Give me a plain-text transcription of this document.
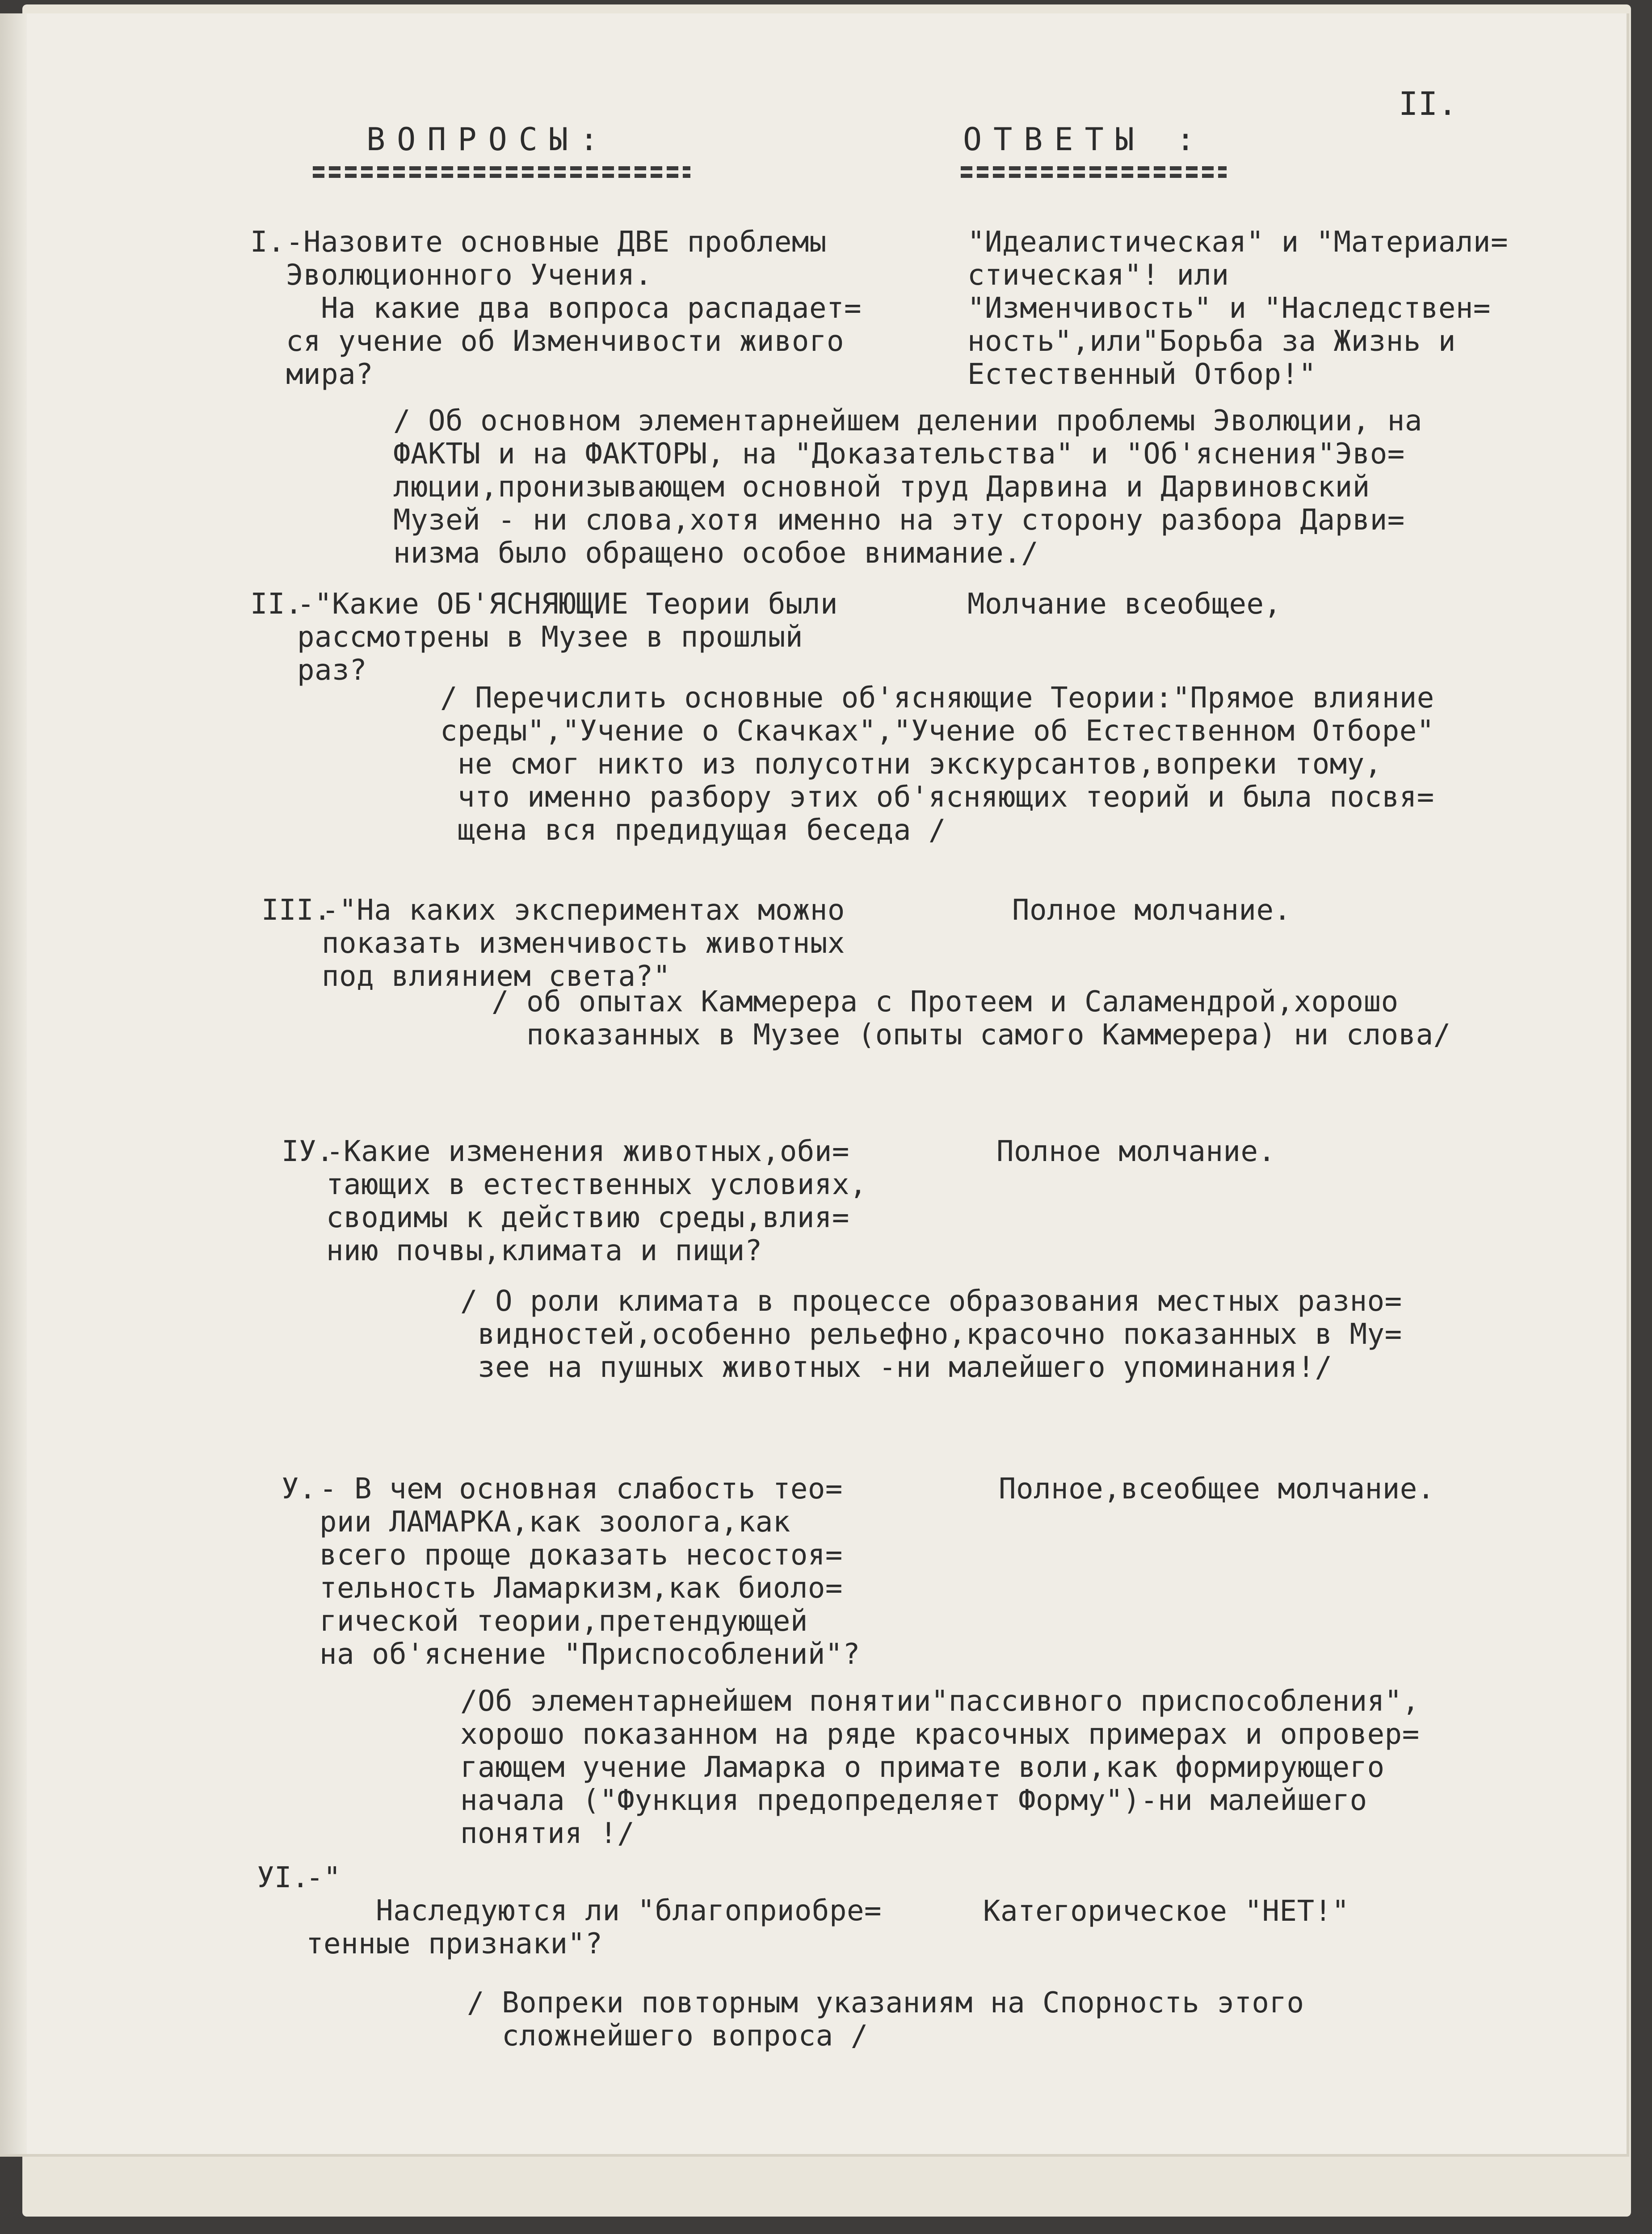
II.
ВОПРОСЫ:	ОТВЕТЫ :
I. -Назовите основные ДВЕ проблемы
Эволюционного Учения.
На какие два вопроса распадает=
ся учение об Изменчивости живого
мира?
"Идеалистическая" и "Материали=
стическая"! или
"Изменчивость" и "Наследствен=
ность",или"Борьба за Жизнь и
Естественный Отбор!"
/ Об основном элементарнейшем делении проблемы Эволюции, на
ФАКТЫ и на ФАКТОРЫ, на "Доказательства" и "Об'яснения"Эво=
люции,пронизывающем основной труд Дарвина и Дарвиновский
Музей - ни слова,хотя именно на эту сторону разбора Дарви=
низма было обращено особое внимание./
II.
-"Какие ОБ'ЯСНЯЮЩИЕ Теории были
рассмотрены в Музее в прошлый
раз?
Молчание всеобщее,
/ Перечислить основные об'ясняющие Теории:"Прямое влияние
среды","Учение о Скачках","Учение об Естественном Отборе"
не смог никто из полусотни экскурсантов,вопреки тому,
что именно разбору этих об'ясняющих теорий и была посвя=
щена вся предидущая беседа /
III.
-"На каких экспериментах можно
показать изменчивость животных
под влиянием света?"
Полное молчание.
/ об опытах Каммерера с Протеем и Саламендрой,хорошо
показанных в Музее (опыты самого Каммерера) ни слова/
IУ.
-Какие изменения животных,оби=
тающих в естественных условиях,
сводимы к действию среды,влия=
нию почвы,климата и пищи?
Полное молчание.
/ О роли климата в процессе образования местных разно=
видностей,особенно рельефно,красочно показанных в Му=
зее на пушных животных -ни малейшего упоминания!/
У. - В чем основная слабость тео=
рии ЛАМАРКА,как зоолога,как
всего проще доказать несостоя=
тельность Ламаркизм,как биоло=
гической теории,претендующей
на об'яснение "Приспособлений"?
Полное,всеобщее молчание.
/Об элементарнейшем понятии"пассивного приспособления",
хорошо показанном на ряде красочных примерах и опровер=
гающем учение Ламарка о примате воли,как формирующего
начала ("Функция предопределяет Форму")-ни малейшего
понятия !/
УI.
-"
Наследуются ли "благоприобре=
тенные признаки"?
Категорическое "НЕТ!"
/ Вопреки повторным указаниям на Спорность этого
сложнейшего вопроса /
